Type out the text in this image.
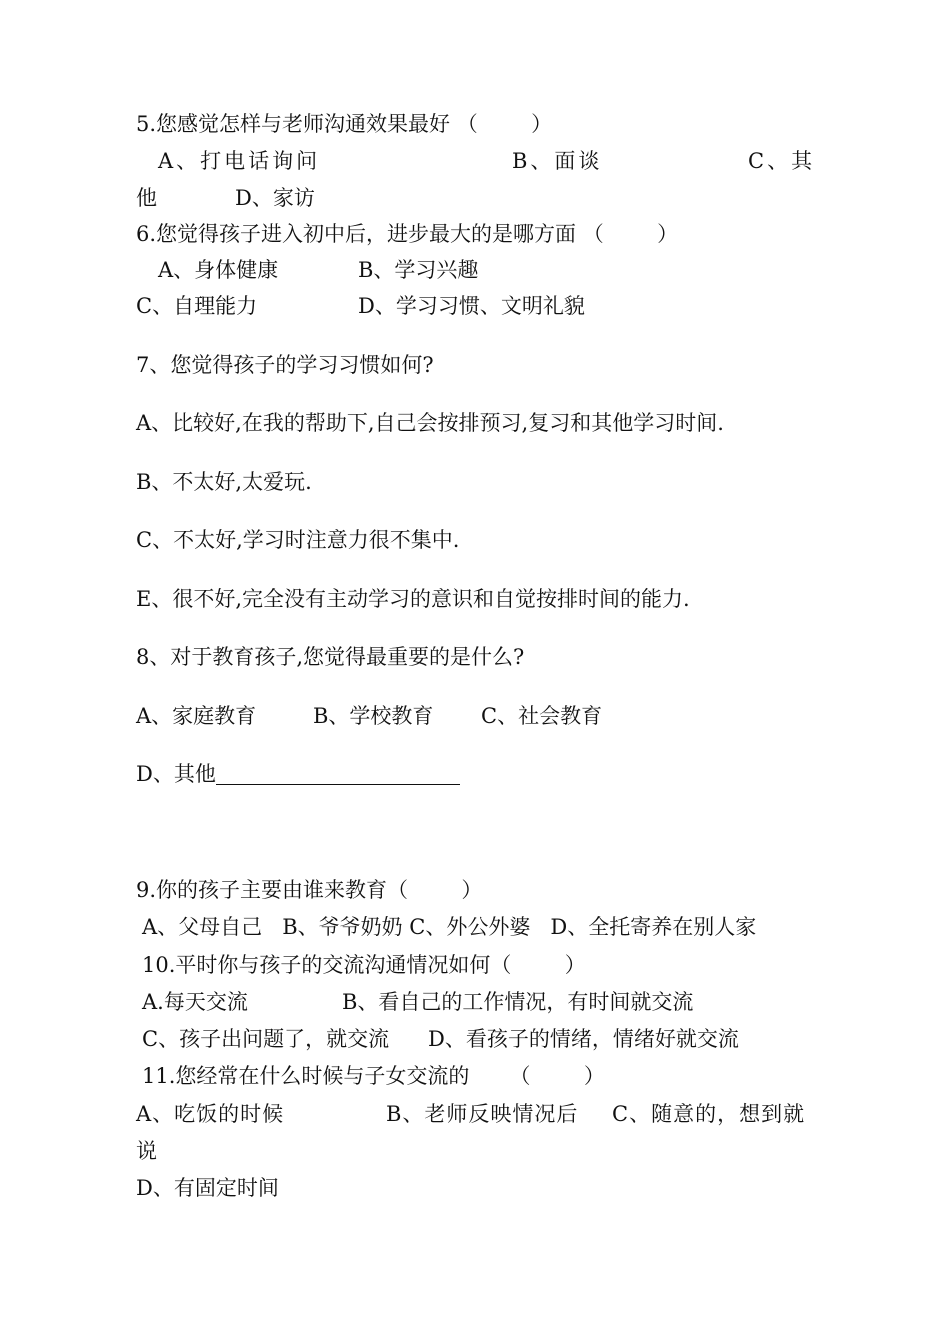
5.您感觉怎样与老师沟通效果最好 （        ）
A、打电话询问	B、面谈	C、其
他	D、家访
6.您觉得孩子进入初中后，进步最大的是哪方面 （        ）
A、身体健康	B、学习兴趣
C、自理能力	D、学习习惯、文明礼貌
7、您觉得孩子的学习习惯如何?
A、比较好,在我的帮助下,自己会按排预习,复习和其他学习时间.
B、不太好,太爱玩.
C、不太好,学习时注意力很不集中.
E、很不好,完全没有主动学习的意识和自觉按排时间的能力.
8、对于教育孩子,您觉得最重要的是什么?
A、家庭教育	B、学校教育 C、社会教育
D、其他
9.你的孩子主要由谁来教育（        ）
A、父母自己   B、爷爷奶奶 C、外公外婆   D、全托寄养在别人家
10.平时你与孩子的交流沟通情况如何（        ）
A.每天交流	B、看自己的工作情况，有时间就交流
C、孩子出问题了，就交流 D、看孩子的情绪，情绪好就交流
11.您经常在什么时候与子女交流的      （        ）
A、吃饭的时候	B、老师反映情况后 C、随意的，想到就
说
D、有固定时间
